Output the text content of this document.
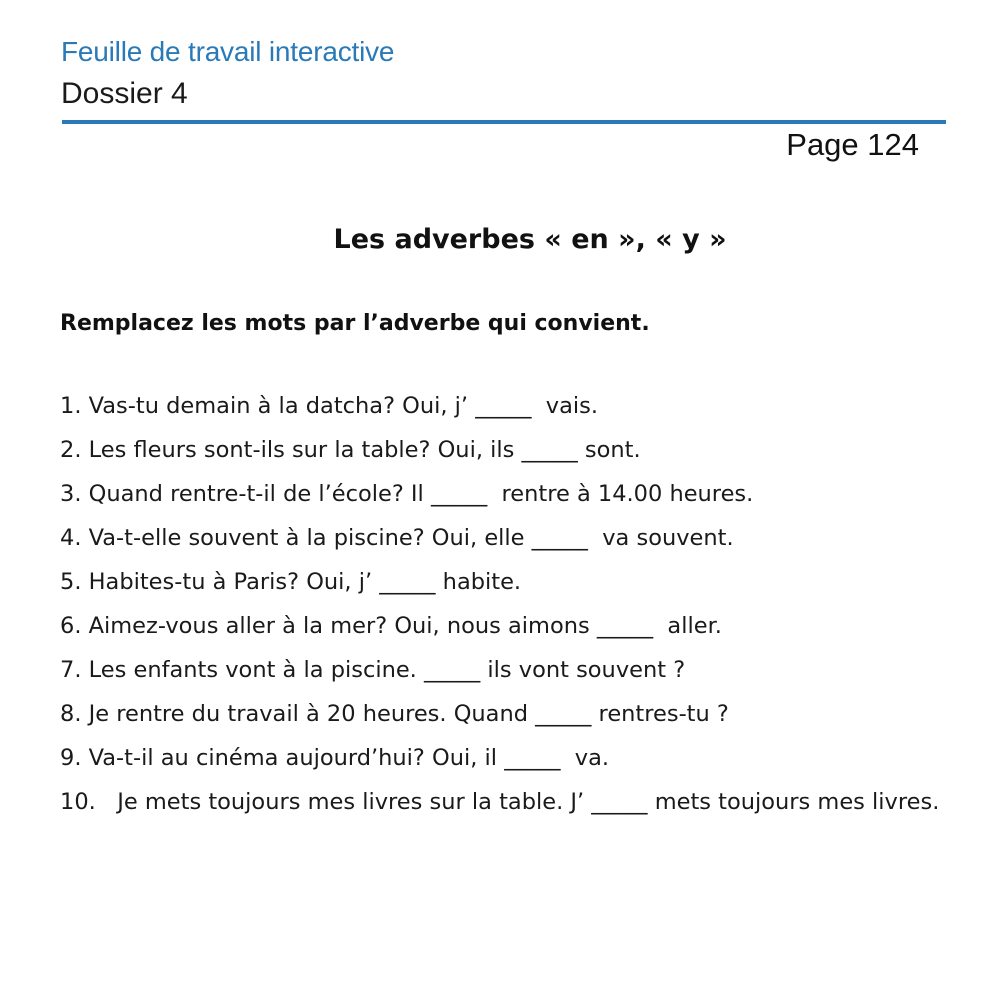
Feuille de travail interactive
Dossier 4
Page 124
Les adverbes « en », « y »
Remplacez les mots par l’adverbe qui convient.
1. Vas-tu demain à la datcha? Oui, j’ _____  vais.
2. Les fleurs sont-ils sur la table? Oui, ils _____ sont.
3. Quand rentre-t-il de l’école? Il _____  rentre à 14.00 heures.
4. Va-t-elle souvent à la piscine? Oui, elle _____  va souvent.
5. Habites-tu à Paris? Oui, j’ _____ habite.
6. Aimez-vous aller à la mer? Oui, nous aimons _____  aller.
7. Les enfants vont à la piscine. _____ ils vont souvent ?
8. Je rentre du travail à 20 heures. Quand _____ rentres-tu ?
9. Va-t-il au cinéma aujourd’hui? Oui, il _____  va.
10.   Je mets toujours mes livres sur la table. J’ _____ mets toujours mes livres.
